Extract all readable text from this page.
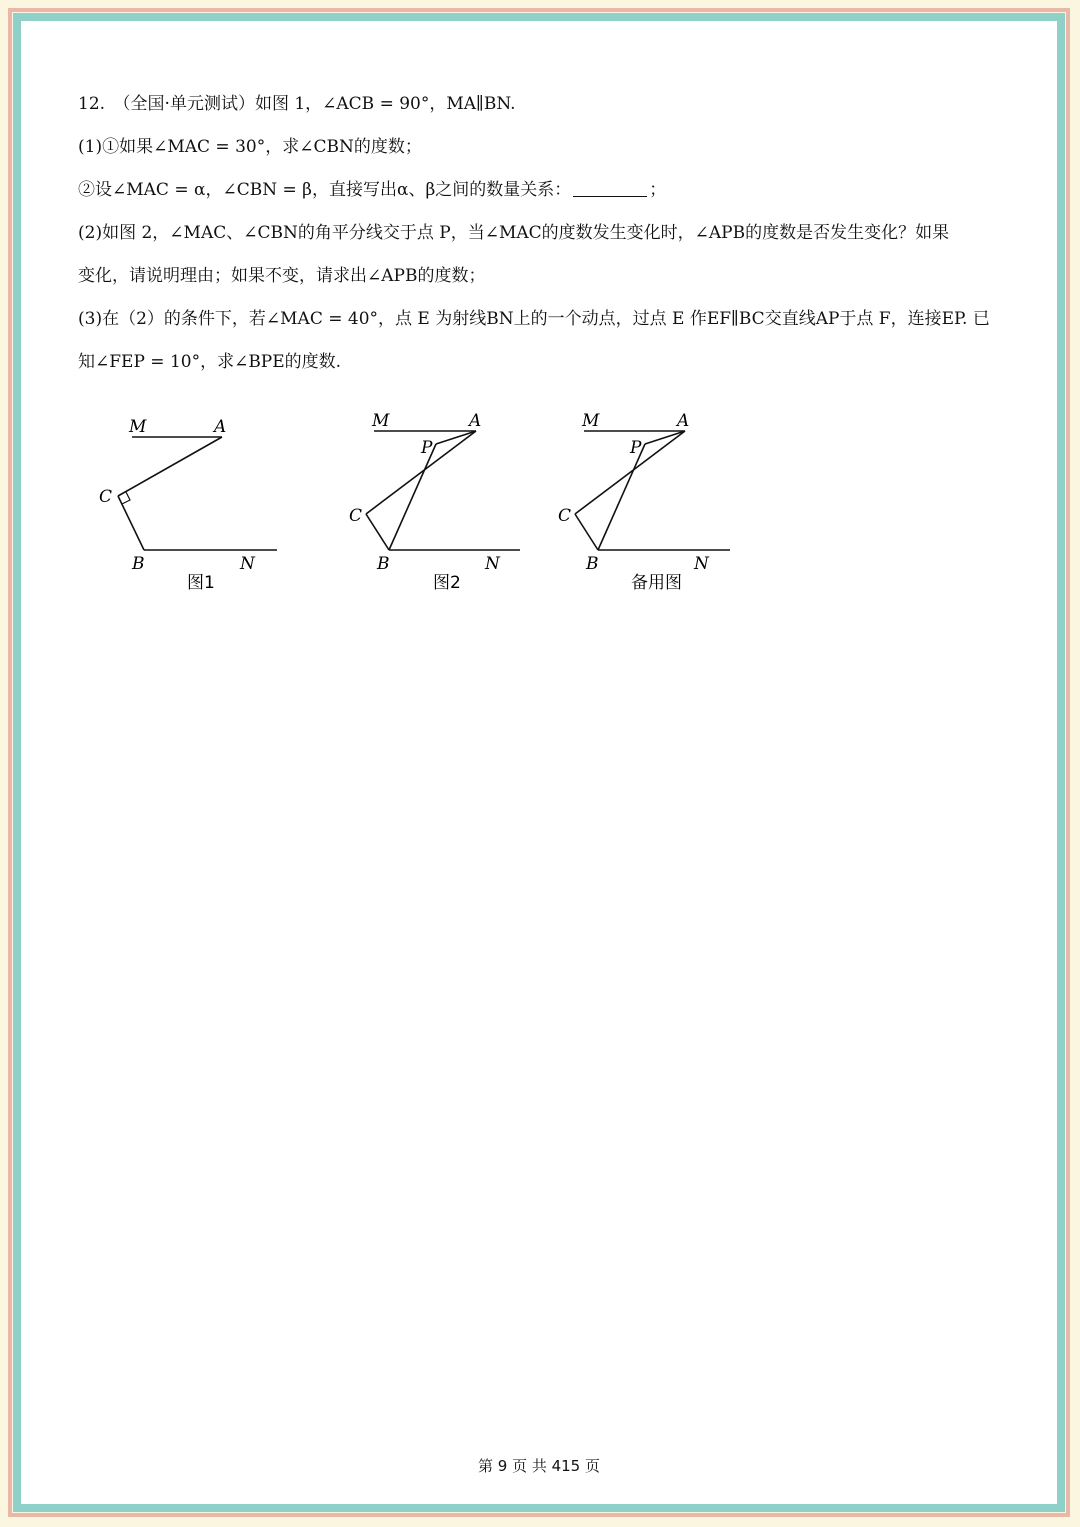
12.　（全国·单元测试）如图 1，∠ACB = 90°，MA∥BN.
(1)①如果∠MAC = 30°，求∠CBN的度数；
②设∠MAC = α，∠CBN = β，直接写出α、β之间的数量关系：	；
(2)如图 2，∠MAC、∠CBN的角平分线交于点 P，当∠MAC的度数发生变化时，∠APB的度数是否发生变化？如果
变化，请说明理由；如果不变，请求出∠APB的度数；
(3)在（2）的条件下，若∠MAC = 40°，点 E 为射线BN上的一个动点，过点 E 作EF∥BC交直线AP于点 F，连接EP. 已
知∠FEP = 10°，求∠BPE的度数.
M	A
C
B	N
图1
M	A
P
C
B	N
图2
M	A
P
C
B	N
备用图
第 9 页 共 415 页
